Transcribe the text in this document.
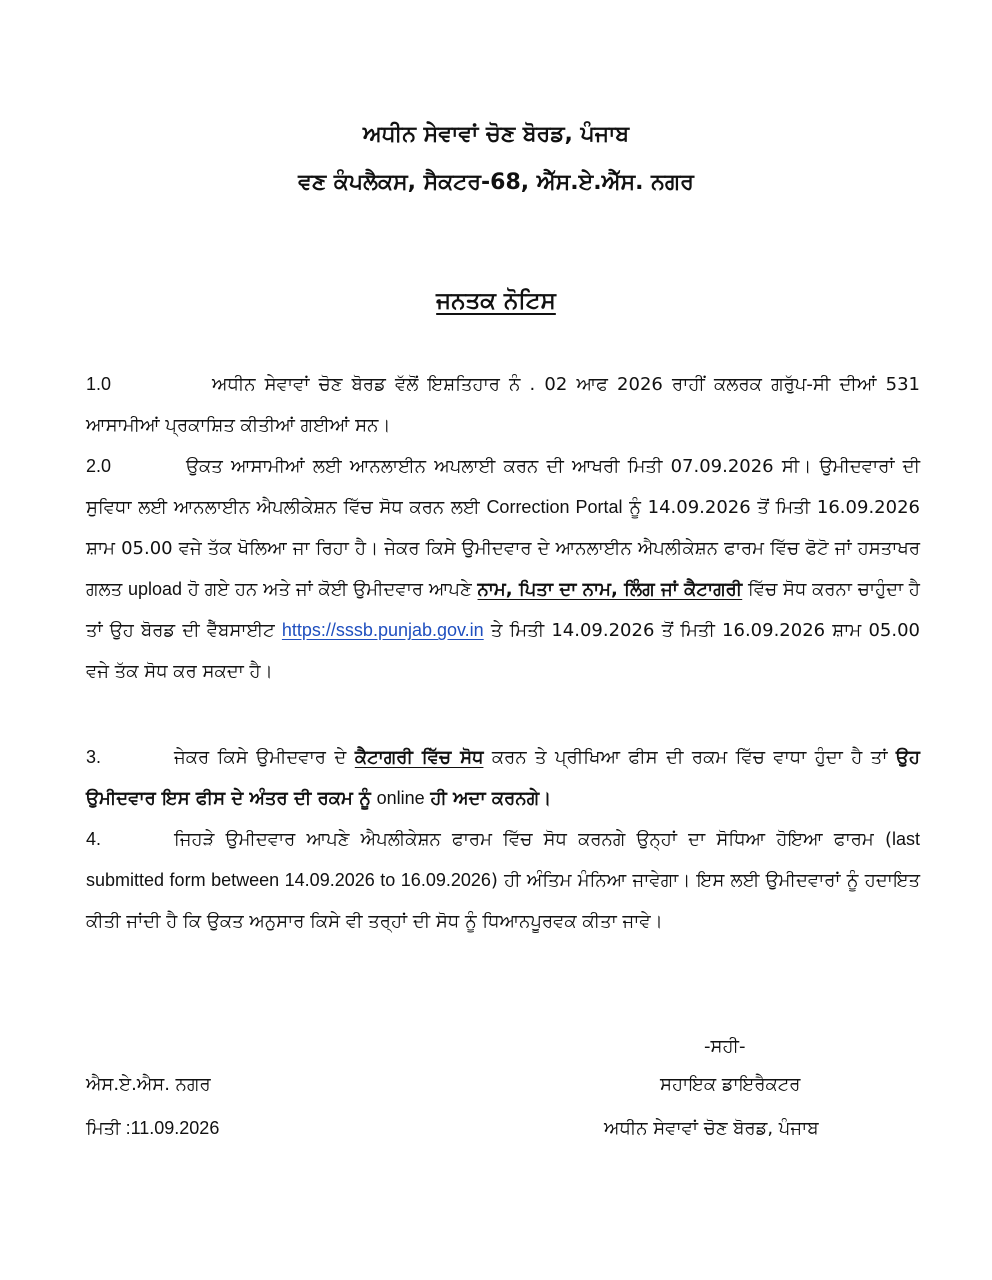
ਅਧੀਨ ਸੇਵਾਵਾਂ ਚੋਣ ਬੋਰਡ, ਪੰਜਾਬ
ਵਣ ਕੰਪਲੈਕਸ, ਸੈਕਟਰ-68, ਐੱਸ.ਏ.ਐੱਸ. ਨਗਰ
ਜਨਤਕ ਨੋਟਿਸ
1.0	ਅਧੀਨ ਸੇਵਾਵਾਂ ਚੋਣ ਬੋਰਡ ਵੱਲੋਂ ਇਸ਼ਤਿਹਾਰ ਨੰ . 02 ਆਫ 2026 ਰਾਹੀਂ ਕਲਰਕ ਗਰੁੱਪ-ਸੀ ਦੀਆਂ 531 ਆਸਾਮੀਆਂ ਪ੍ਰਕਾਸ਼ਿਤ ਕੀਤੀਆਂ ਗਈਆਂ ਸਨ।
2.0	ਉਕਤ ਆਸਾਮੀਆਂ ਲਈ ਆਨਲਾਈਨ ਅਪਲਾਈ ਕਰਨ ਦੀ ਆਖਰੀ ਮਿਤੀ 07.09.2026 ਸੀ। ਉਮੀਦਵਾਰਾਂ ਦੀ ਸੁਵਿਧਾ ਲਈ ਆਨਲਾਈਨ ਐਪਲੀਕੇਸ਼ਨ ਵਿੱਚ ਸੋਧ ਕਰਨ ਲਈ Correction Portal ਨੂੰ 14.09.2026 ਤੋਂ ਮਿਤੀ 16.09.2026 ਸ਼ਾਮ 05.00 ਵਜੇ ਤੱਕ ਖੋਲਿਆ ਜਾ ਰਿਹਾ ਹੈ। ਜੇਕਰ ਕਿਸੇ ਉਮੀਦਵਾਰ ਦੇ ਆਨਲਾਈਨ ਐਪਲੀਕੇਸ਼ਨ ਫਾਰਮ ਵਿੱਚ ਫੋਟੋ ਜਾਂ ਹਸਤਾਖਰ ਗਲਤ upload ਹੋ ਗਏ ਹਨ ਅਤੇ ਜਾਂ ਕੋਈ ਉਮੀਦਵਾਰ ਆਪਣੇ ਨਾਮ, ਪਿਤਾ ਦਾ ਨਾਮ, ਲਿੰਗ ਜਾਂ ਕੈਟਾਗਰੀ ਵਿੱਚ ਸੋਧ ਕਰਨਾ ਚਾਹੁੰਦਾ ਹੈ ਤਾਂ ਉਹ ਬੋਰਡ ਦੀ ਵੈੱਬਸਾਈਟ https://sssb.punjab.gov.in ਤੇ ਮਿਤੀ 14.09.2026 ਤੋਂ ਮਿਤੀ 16.09.2026 ਸ਼ਾਮ 05.00 ਵਜੇ ਤੱਕ ਸੋਧ ਕਰ ਸਕਦਾ ਹੈ।
3.	ਜੇਕਰ ਕਿਸੇ ਉਮੀਦਵਾਰ ਦੇ ਕੈਟਾਗਰੀ ਵਿੱਚ ਸੋਧ ਕਰਨ ਤੇ ਪ੍ਰੀਖਿਆ ਫੀਸ ਦੀ ਰਕਮ ਵਿੱਚ ਵਾਧਾ ਹੁੰਦਾ ਹੈ ਤਾਂ ਉਹ ਉਮੀਦਵਾਰ ਇਸ ਫੀਸ ਦੇ ਅੰਤਰ ਦੀ ਰਕਮ ਨੂੰ online ਹੀ ਅਦਾ ਕਰਨਗੇ।
4.	ਜਿਹੜੇ ਉਮੀਦਵਾਰ ਆਪਣੇ ਐਪਲੀਕੇਸ਼ਨ ਫਾਰਮ ਵਿੱਚ ਸੋਧ ਕਰਨਗੇ ਉਨ੍ਹਾਂ ਦਾ ਸੋਧਿਆ ਹੋਇਆ ਫਾਰਮ (last submitted form between 14.09.2026 to 16.09.2026) ਹੀ ਅੰਤਿਮ ਮੰਨਿਆ ਜਾਵੇਗਾ। ਇਸ ਲਈ ਉਮੀਦਵਾਰਾਂ ਨੂੰ ਹਦਾਇਤ ਕੀਤੀ ਜਾਂਦੀ ਹੈ ਕਿ ਉਕਤ ਅਨੁਸਾਰ ਕਿਸੇ ਵੀ ਤਰ੍ਹਾਂ ਦੀ ਸੋਧ ਨੂੰ ਧਿਆਨਪੂਰਵਕ ਕੀਤਾ ਜਾਵੇ।
-ਸਹੀ-
ਸਹਾਇਕ ਡਾਇਰੈਕਟਰ
ਅਧੀਨ ਸੇਵਾਵਾਂ ਚੋਣ ਬੋਰਡ, ਪੰਜਾਬ
ਐਸ.ਏ.ਐਸ. ਨਗਰ
ਮਿਤੀ :11.09.2026
